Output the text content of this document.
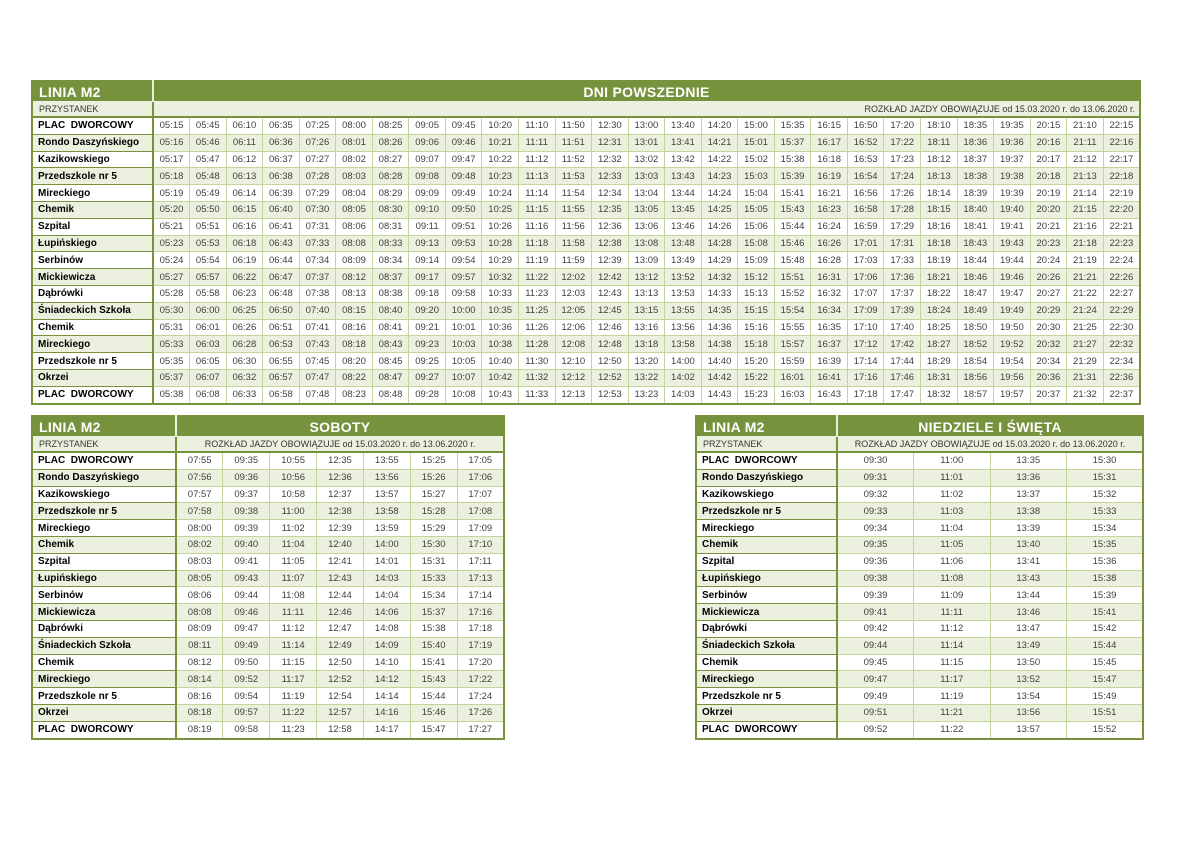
LINIA M2	DNI POWSZEDNIE																										
PRZYSTANEK	ROZKŁAD JAZDY OBOWIĄZUJE od 15.03.2020 r. do 13.06.2020 r.																										
PLAC  DWORCOWY	05:15	05:45	06:10	06:35	07:25	08:00	08:25	09:05	09:45	10:20	11:10	11:50	12:30	13:00	13:40	14:20	15:00	15:35	16:15	16:50	17:20	18:10	18:35	19:35	20:15	21:10	22:15
Rondo Daszyńskiego	05:16	05:46	06:11	06:36	07:26	08:01	08:26	09:06	09:46	10:21	11:11	11:51	12:31	13:01	13:41	14:21	15:01	15:37	16:17	16:52	17:22	18:11	18:36	19:36	20:16	21:11	22:16
Kazikowskiego	05:17	05:47	06:12	06:37	07:27	08:02	08:27	09:07	09:47	10:22	11:12	11:52	12:32	13:02	13:42	14:22	15:02	15:38	16:18	16:53	17:23	18:12	18:37	19:37	20:17	21:12	22:17
Przedszkole nr 5	05:18	05:48	06:13	06:38	07:28	08:03	08:28	09:08	09:48	10:23	11:13	11:53	12:33	13:03	13:43	14:23	15:03	15:39	16:19	16:54	17:24	18:13	18:38	19:38	20:18	21:13	22:18
Mireckiego	05:19	05:49	06:14	06:39	07:29	08:04	08:29	09:09	09:49	10:24	11:14	11:54	12:34	13:04	13:44	14:24	15:04	15:41	16:21	16:56	17:26	18:14	18:39	19:39	20:19	21:14	22:19
Chemik	05:20	05:50	06:15	06:40	07:30	08:05	08:30	09:10	09:50	10:25	11:15	11:55	12:35	13:05	13:45	14:25	15:05	15:43	16:23	16:58	17:28	18:15	18:40	19:40	20:20	21:15	22:20
Szpital	05:21	05:51	06:16	06:41	07:31	08:06	08:31	09:11	09:51	10:26	11:16	11:56	12:36	13:06	13:46	14:26	15:06	15:44	16:24	16:59	17:29	18:16	18:41	19:41	20:21	21:16	22:21
Łupińskiego	05:23	05:53	06:18	06:43	07:33	08:08	08:33	09:13	09:53	10:28	11:18	11:58	12:38	13:08	13:48	14:28	15:08	15:46	16:26	17:01	17:31	18:18	18:43	19:43	20:23	21:18	22:23
Serbinów	05:24	05:54	06:19	06:44	07:34	08:09	08:34	09:14	09:54	10:29	11:19	11:59	12:39	13:09	13:49	14:29	15:09	15:48	16:28	17:03	17:33	18:19	18:44	19:44	20:24	21:19	22:24
Mickiewicza	05:27	05:57	06:22	06:47	07:37	08:12	08:37	09:17	09:57	10:32	11:22	12:02	12:42	13:12	13:52	14:32	15:12	15:51	16:31	17:06	17:36	18:21	18:46	19:46	20:26	21:21	22:26
Dąbrówki	05:28	05:58	06:23	06:48	07:38	08:13	08:38	09:18	09:58	10:33	11:23	12:03	12:43	13:13	13:53	14:33	15:13	15:52	16:32	17:07	17:37	18:22	18:47	19:47	20:27	21:22	22:27
Śniadeckich Szkoła	05:30	06:00	06:25	06:50	07:40	08:15	08:40	09:20	10:00	10:35	11:25	12:05	12:45	13:15	13:55	14:35	15:15	15:54	16:34	17:09	17:39	18:24	18:49	19:49	20:29	21:24	22:29
Chemik	05:31	06:01	06:26	06:51	07:41	08:16	08:41	09:21	10:01	10:36	11:26	12:06	12:46	13:16	13:56	14:36	15:16	15:55	16:35	17:10	17:40	18:25	18:50	19:50	20:30	21:25	22:30
Mireckiego	05:33	06:03	06:28	06:53	07:43	08:18	08:43	09:23	10:03	10:38	11:28	12:08	12:48	13:18	13:58	14:38	15:18	15:57	16:37	17:12	17:42	18:27	18:52	19:52	20:32	21:27	22:32
Przedszkole nr 5	05:35	06:05	06:30	06:55	07:45	08:20	08:45	09:25	10:05	10:40	11:30	12:10	12:50	13:20	14:00	14:40	15:20	15:59	16:39	17:14	17:44	18:29	18:54	19:54	20:34	21:29	22:34
Okrzei	05:37	06:07	06:32	06:57	07:47	08:22	08:47	09:27	10:07	10:42	11:32	12:12	12:52	13:22	14:02	14:42	15:22	16:01	16:41	17:16	17:46	18:31	18:56	19:56	20:36	21:31	22:36
PLAC  DWORCOWY	05:38	06:08	06:33	06:58	07:48	08:23	08:48	09:28	10:08	10:43	11:33	12:13	12:53	13:23	14:03	14:43	15:23	16:03	16:43	17:18	17:47	18:32	18:57	19:57	20:37	21:32	22:37
LINIA M2	SOBOTY						
PRZYSTANEK	ROZKŁAD JAZDY OBOWIĄZUJE od 15.03.2020 r. do 13.06.2020 r.						
PLAC  DWORCOWY	07:55	09:35	10:55	12:35	13:55	15:25	17:05
Rondo Daszyńskiego	07:56	09:36	10:56	12:36	13:56	15:26	17:06
Kazikowskiego	07:57	09:37	10:58	12:37	13:57	15:27	17:07
Przedszkole nr 5	07:58	09:38	11:00	12:38	13:58	15:28	17:08
Mireckiego	08:00	09:39	11:02	12:39	13:59	15:29	17:09
Chemik	08:02	09:40	11:04	12:40	14:00	15:30	17:10
Szpital	08:03	09:41	11:05	12:41	14:01	15:31	17:11
Łupińskiego	08:05	09:43	11:07	12:43	14:03	15:33	17:13
Serbinów	08:06	09:44	11:08	12:44	14:04	15:34	17:14
Mickiewicza	08:08	09:46	11:11	12:46	14:06	15:37	17:16
Dąbrówki	08:09	09:47	11:12	12:47	14:08	15:38	17:18
Śniadeckich Szkoła	08:11	09:49	11:14	12:49	14:09	15:40	17:19
Chemik	08:12	09:50	11:15	12:50	14:10	15:41	17:20
Mireckiego	08:14	09:52	11:17	12:52	14:12	15:43	17:22
Przedszkole nr 5	08:16	09:54	11:19	12:54	14:14	15:44	17:24
Okrzei	08:18	09:57	11:22	12:57	14:16	15:46	17:26
PLAC  DWORCOWY	08:19	09:58	11:23	12:58	14:17	15:47	17:27
LINIA M2	NIEDZIELE I ŚWIĘTA			
PRZYSTANEK	ROZKŁAD JAZDY OBOWIĄZUJE od 15.03.2020 r. do 13.06.2020 r.			
PLAC  DWORCOWY	09:30	11:00	13:35	15:30
Rondo Daszyńskiego	09:31	11:01	13:36	15:31
Kazikowskiego	09:32	11:02	13:37	15:32
Przedszkole nr 5	09:33	11:03	13:38	15:33
Mireckiego	09:34	11:04	13:39	15:34
Chemik	09:35	11:05	13:40	15:35
Szpital	09:36	11:06	13:41	15:36
Łupińskiego	09:38	11:08	13:43	15:38
Serbinów	09:39	11:09	13:44	15:39
Mickiewicza	09:41	11:11	13:46	15:41
Dąbrówki	09:42	11:12	13:47	15:42
Śniadeckich Szkoła	09:44	11:14	13:49	15:44
Chemik	09:45	11:15	13:50	15:45
Mireckiego	09:47	11:17	13:52	15:47
Przedszkole nr 5	09:49	11:19	13:54	15:49
Okrzei	09:51	11:21	13:56	15:51
PLAC  DWORCOWY	09:52	11:22	13:57	15:52
